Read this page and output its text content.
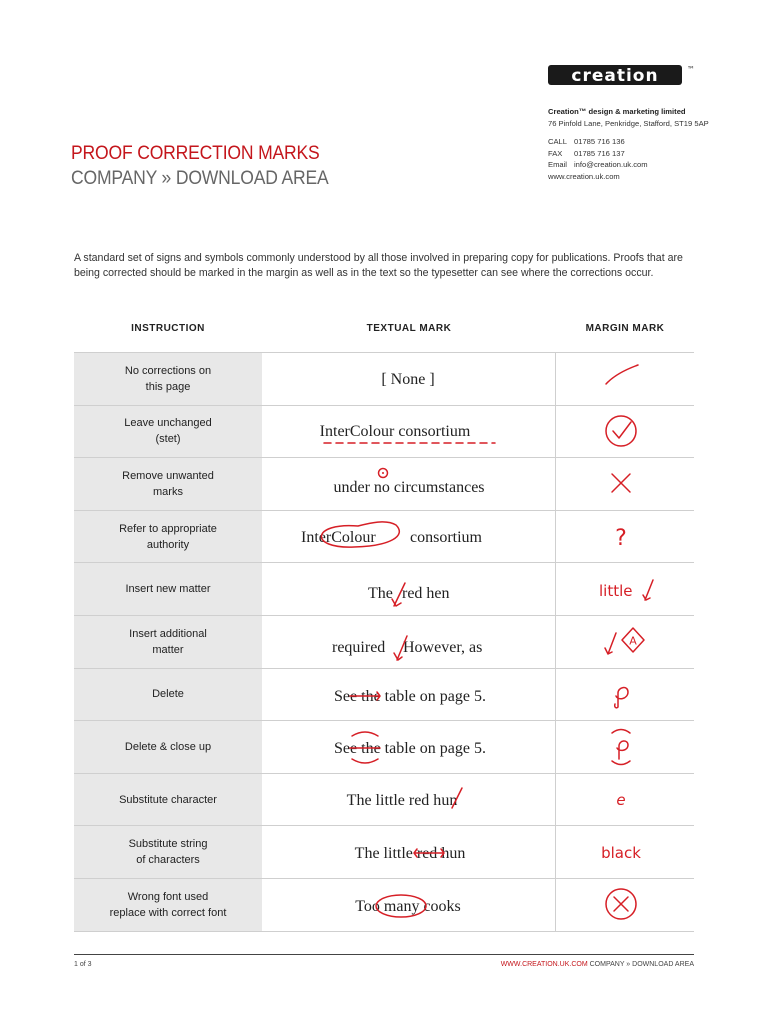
creation	™
Creation™ design & marketing limited
76 Pinfold Lane, Penkridge, Stafford, ST19 5AP
CALL 01785 716 136
FAX 01785 716 137
Email info@creation.uk.com
www.creation.uk.com
PROOF CORRECTION MARKS
COMPANY » DOWNLOAD AREA
A standard set of signs and symbols commonly understood by all those involved in preparing copy for publications. Proofs that are being corrected should be marked in the margin as well as in the text so the typesetter can see where the corrections occur.
INSTRUCTION	TEXTUAL MARK	MARGIN MARK
No corrections on
this page	[ None ]
Leave unchanged
(stet)	InterColour consortium
Remove unwanted
marks	under no circumstances
Refer to appropriate
authority	InterColour consortium	?
Insert new matter	The red hen	little
Insert additional
matter	required However, as	A
Delete	See the table on page 5.
Delete & close up	See the table on page 5.
Substitute character	The little red hun	e
Substitute string
of characters	The little red hun	black
Wrong font used
replace with correct font	Too many cooks
1 of 3	WWW.CREATION.UK.COM COMPANY » DOWNLOAD AREA
